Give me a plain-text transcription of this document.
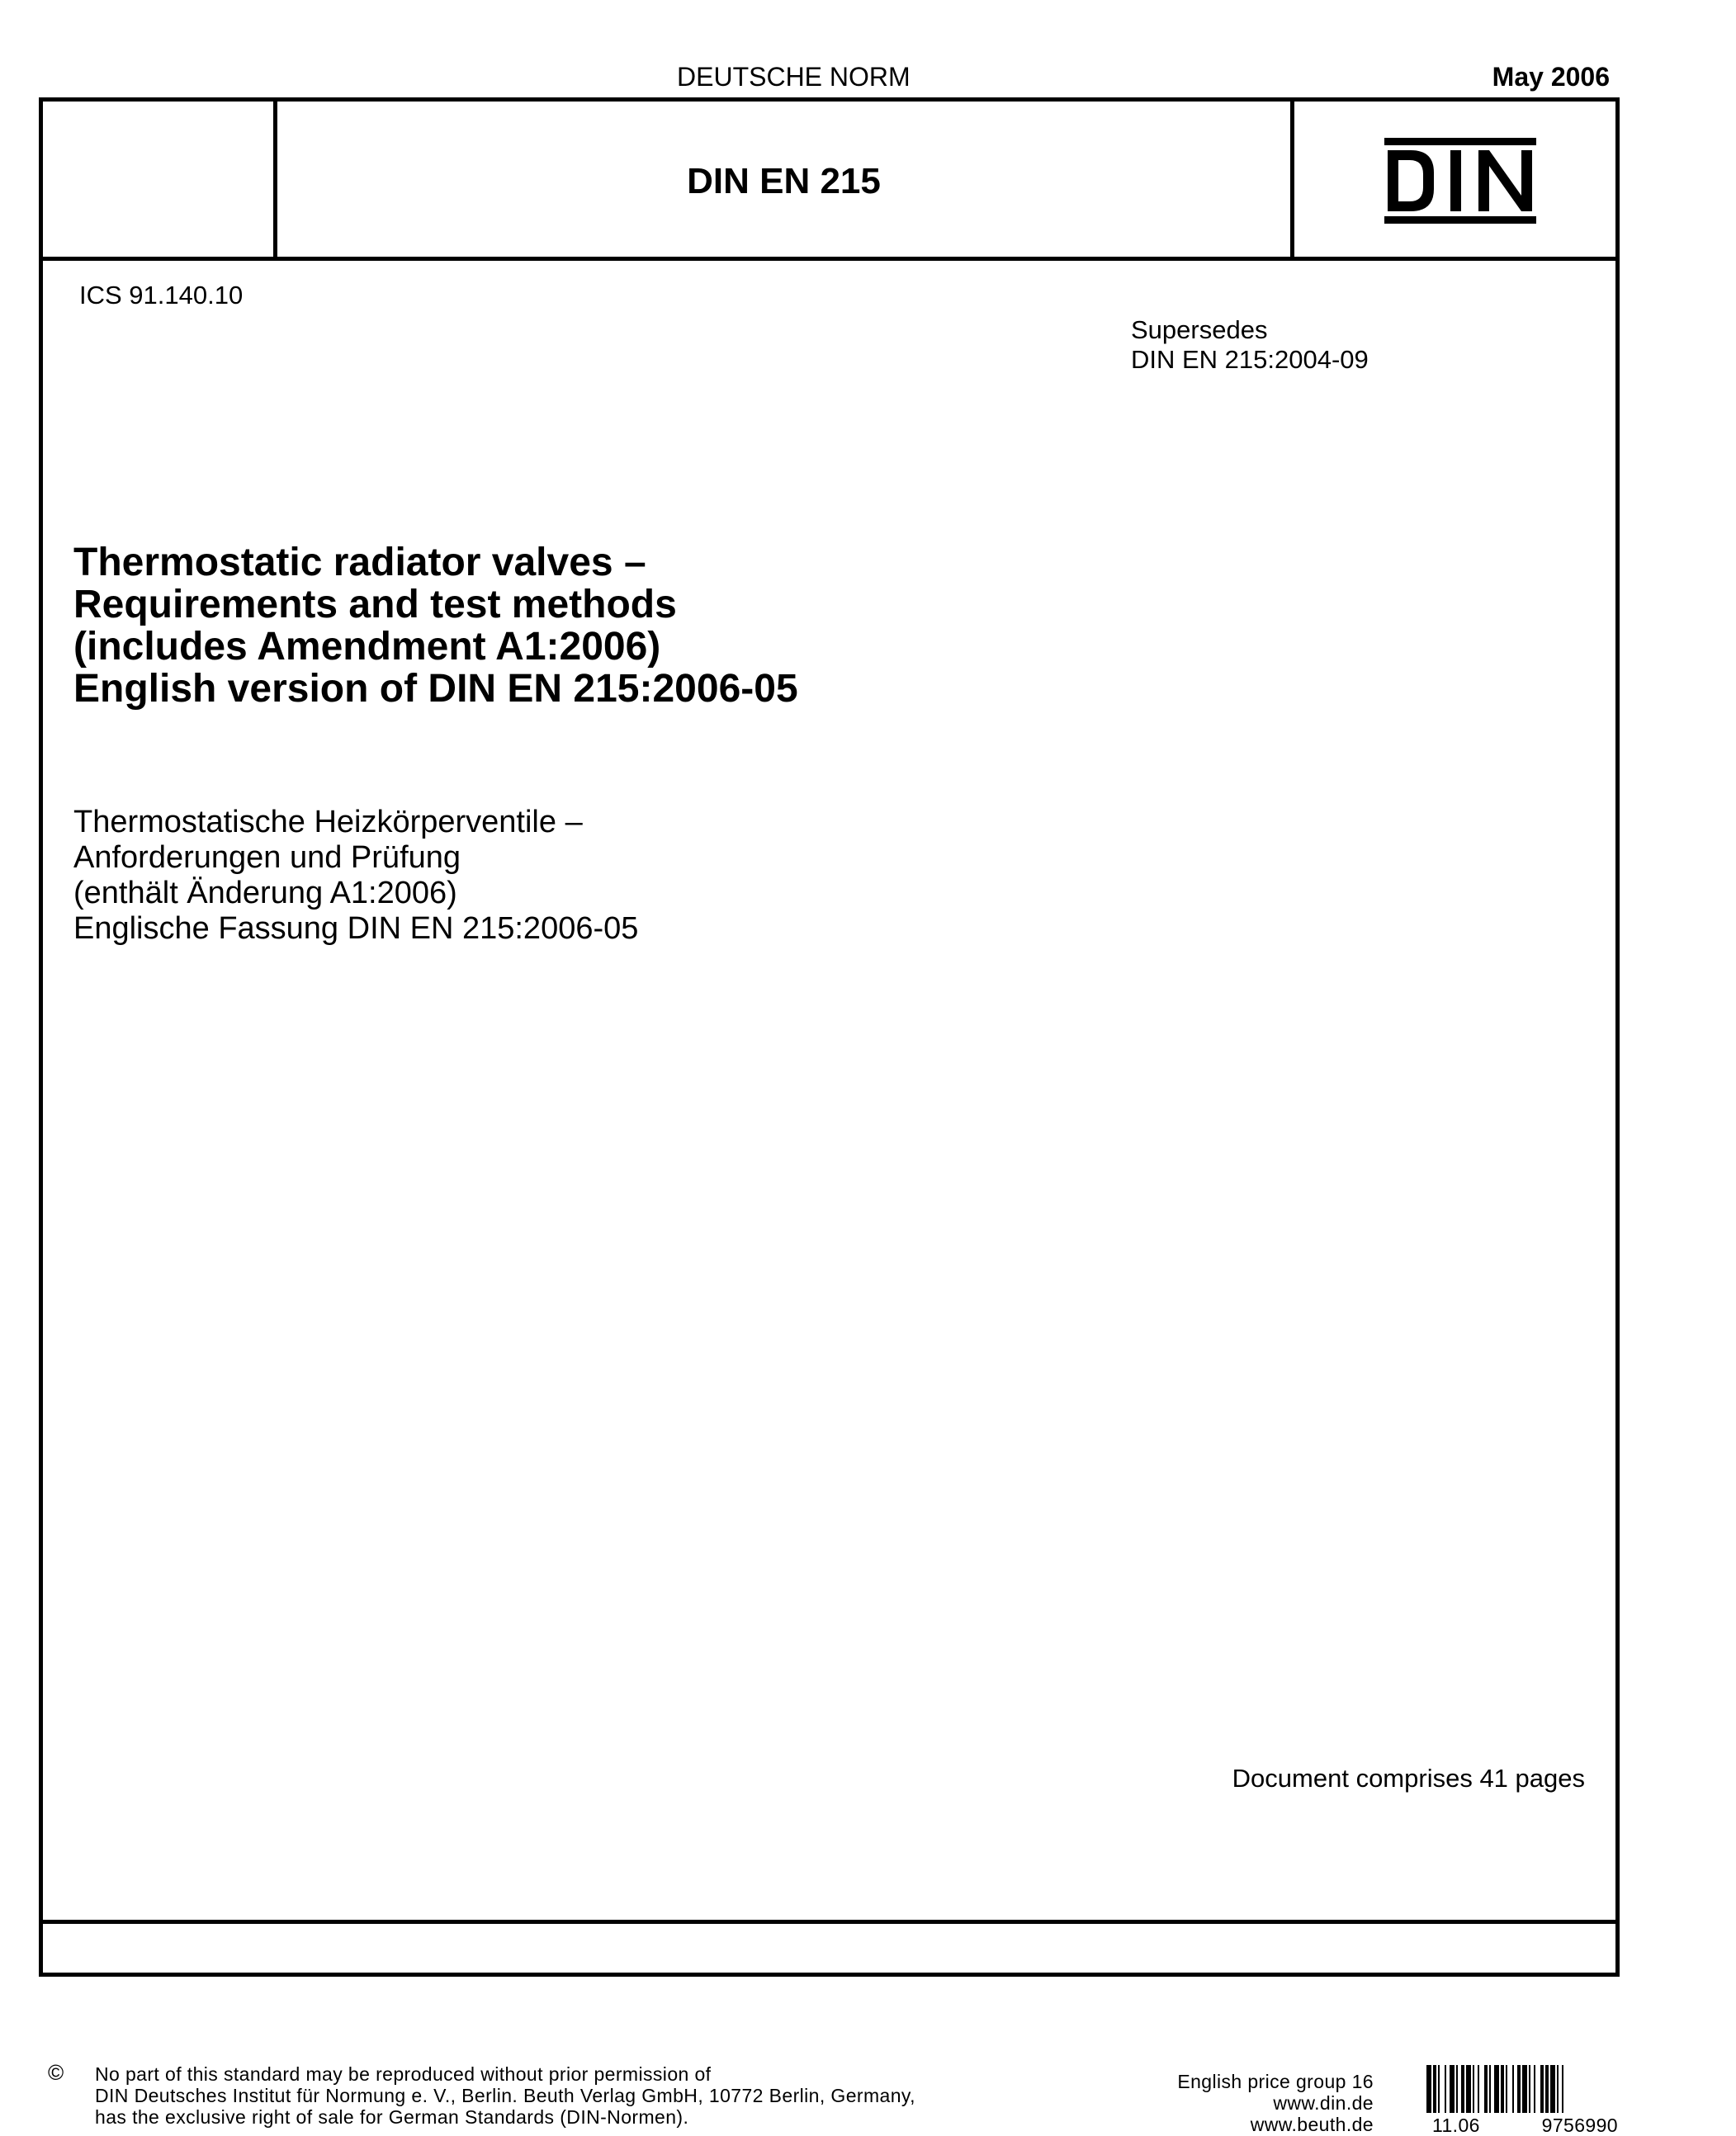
DEUTSCHE NORM	May 2006
DIN EN 215
ICS 91.140.10
Supersedes
DIN EN 215:2004-09
Thermostatic radiator valves –
Requirements and test methods
(includes Amendment A1:2006)
English version of DIN EN 215:2006-05
Thermostatische Heizkörperventile –
Anforderungen und Prüfung
(enthält Änderung A1:2006)
Englische Fassung DIN EN 215:2006-05
Document comprises 41 pages
© No part of this standard may be reproduced without prior permission of
DIN Deutsches Institut für Normung e. V., Berlin. Beuth Verlag GmbH, 10772 Berlin, Germany,
has the exclusive right of sale for German Standards (DIN-Normen).
English price group 16
www.din.de
www.beuth.de	11.06	9756990
